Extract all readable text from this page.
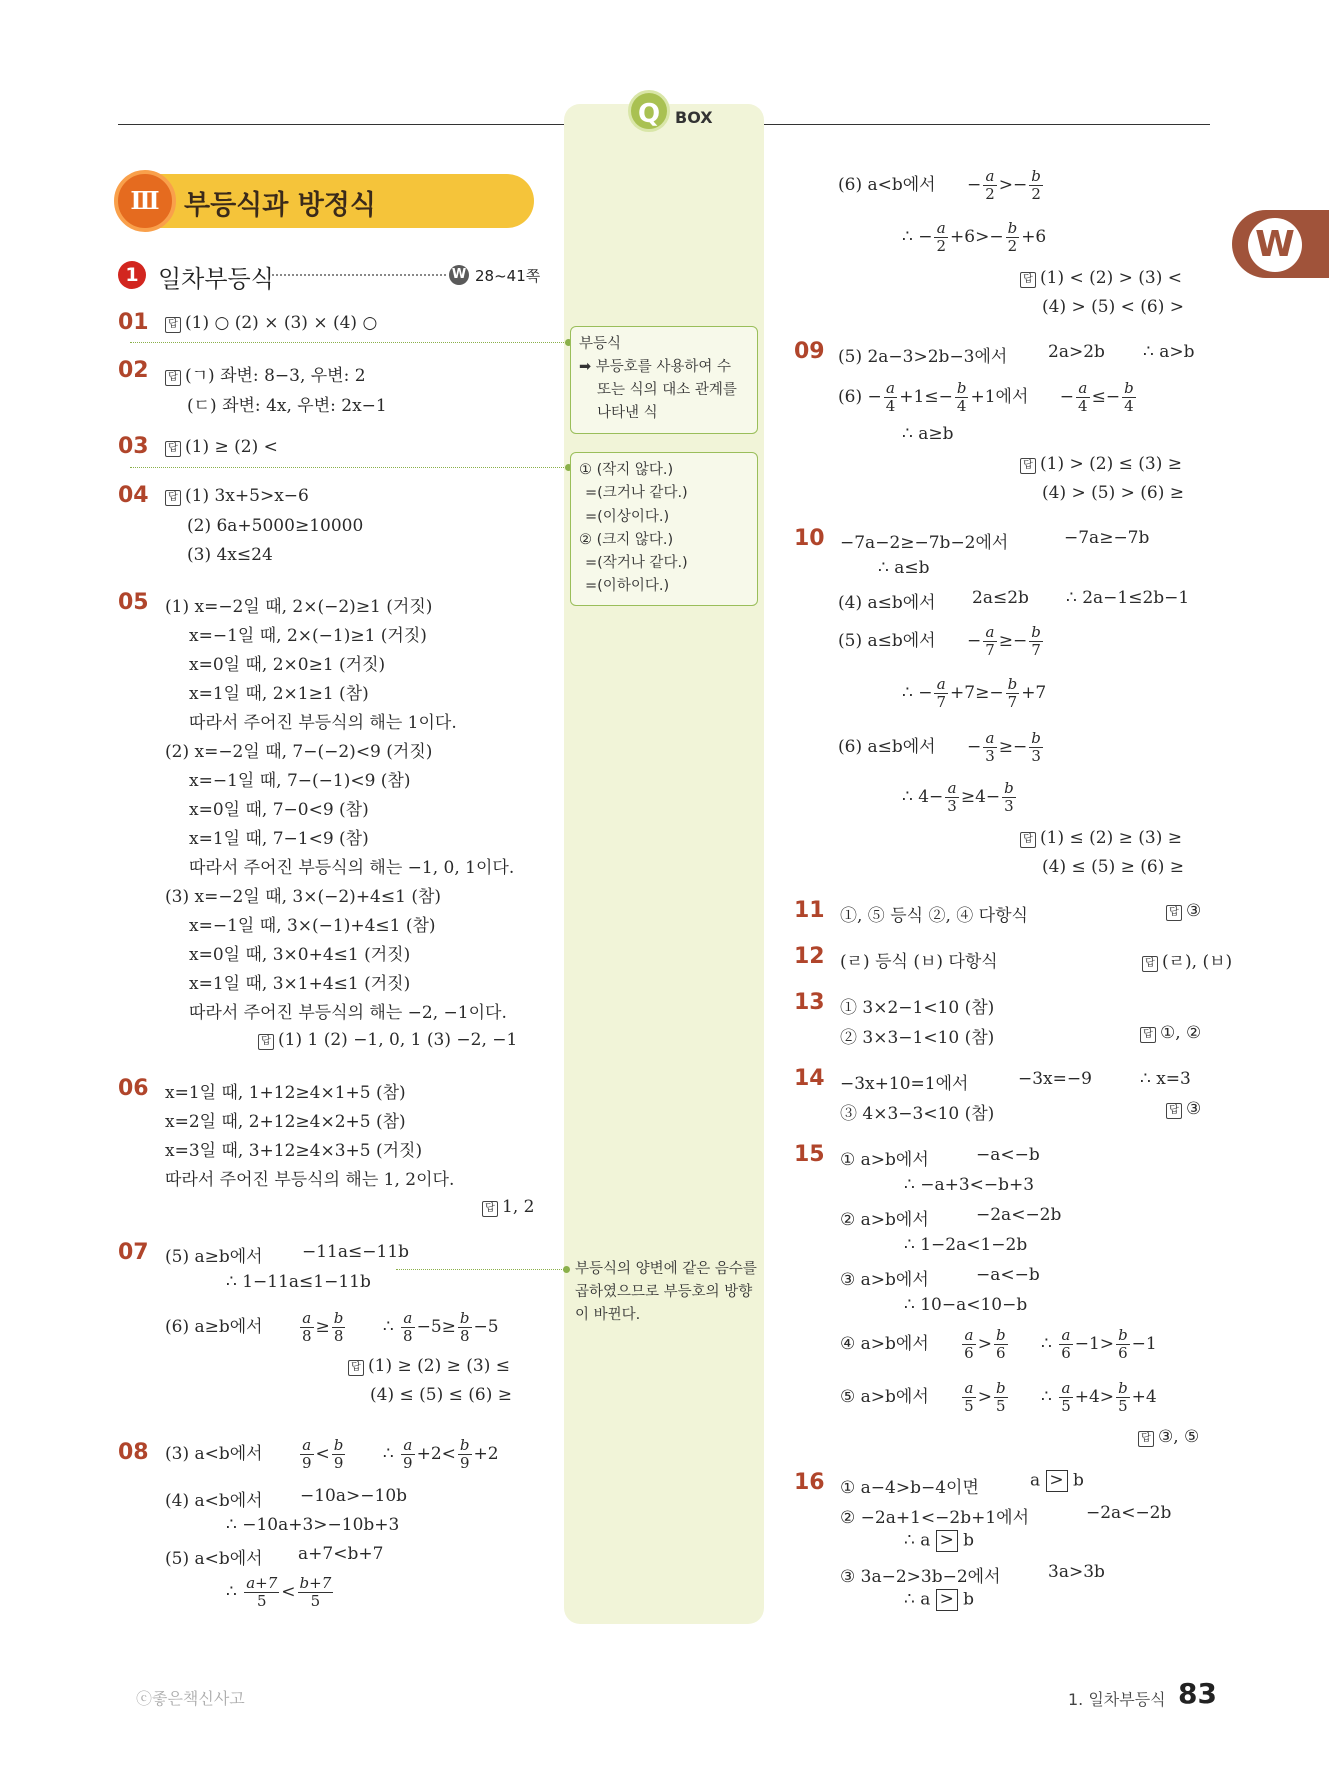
Q BOX
W
Ⅲ 부등식과 방정식
1 일차부등식	W 28~41쪽
01	답 (1) ○ (2) × (3) × (4) ○
02	답 (ㄱ) 좌변: 8−3, 우변: 2
(ㄷ) 좌변: 4x, 우변: 2x−1
03	답 (1) ≥ (2) <
04	답 (1) 3x+5>x−6
(2) 6a+5000≥10000
(3) 4x≤24
05 (1) x=−2일 때, 2×(−2)≥1 (거짓)
x=−1일 때, 2×(−1)≥1 (거짓)
x=0일 때, 2×0≥1 (거짓)
x=1일 때, 2×1≥1 (참)
따라서 주어진 부등식의 해는 1이다.
(2) x=−2일 때, 7−(−2)<9 (거짓)
x=−1일 때, 7−(−1)<9 (참)
x=0일 때, 7−0<9 (참)
x=1일 때, 7−1<9 (참)
따라서 주어진 부등식의 해는 −1, 0, 1이다.
(3) x=−2일 때, 3×(−2)+4≤1 (참)
x=−1일 때, 3×(−1)+4≤1 (참)
x=0일 때, 3×0+4≤1 (거짓)
x=1일 때, 3×1+4≤1 (거짓)
따라서 주어진 부등식의 해는 −2, −1이다.
답 (1) 1 (2) −1, 0, 1 (3) −2, −1
06 x=1일 때, 1+12≥4×1+5 (참)
x=2일 때, 2+12≥4×2+5 (참)
x=3일 때, 3+12≥4×3+5 (거짓)
따라서 주어진 부등식의 해는 1, 2이다.
답 1, 2
07 (5) a≥b에서 −11a≤−11b
∴ 1−11a≤1−11b
(6) a≥b에서 $\frac{a}{8} \ge \frac{b}{8}$ ∴ $\frac{a}{8} -5\ge \frac{b}{8} -5$
답 (1) ≥ (2) ≥ (3) ≤
(4) ≤ (5) ≤ (6) ≥
08 (3) a<b에서 $\frac{a}{9} < \frac{b}{9}$ ∴ $\frac{a}{9} +2< \frac{b}{9} +2$
(4) a<b에서 −10a>−10b
∴ −10a+3>−10b+3
(5) a<b에서 a+7<b+7
∴ $\frac{a+7}{5} < \frac{b+7}{5}$
부등식
➡ 부등호를 사용하여 수
또는 식의 대소 관계를
나타낸 식
① (작지 않다.)
=(크거나 같다.)
=(이상이다.)
② (크지 않다.)
=(작거나 같다.)
=(이하이다.)
부등식의 양변에 같은 음수를 곱하였으므로 부등호의 방향이 바뀐다.
(6) a<b에서 − $\frac{a}{2} >- \frac{b}{2}$
∴ − $\frac{a}{2} +6>- \frac{b}{2} +6$
답 (1) < (2) > (3) <
(4) > (5) < (6) >
09 (5) 2a−3>2b−3에서 2a>2b ∴ a>b
$(6) - \frac{a}{4} +1\le- \frac{b}{4} +1$에서 − $\frac{a}{4} \le- \frac{b}{4}$
∴ a≥b
답 (1) > (2) ≤ (3) ≥
(4) > (5) > (6) ≥
10 −7a−2≥−7b−2에서	−7a≥−7b
∴ a≤b
(4) a≤b에서 2a≤2b ∴ 2a−1≤2b−1
(5) a≤b에서 − $\frac{a}{7} \ge- \frac{b}{7}$
∴ − $\frac{a}{7} +7\ge- \frac{b}{7} +7$
(6) a≤b에서 − $\frac{a}{3} \ge- \frac{b}{3}$
∴ $4- \frac{a}{3} \ge 4- \frac{b}{3}$
답 (1) ≤ (2) ≥ (3) ≥
(4) ≤ (5) ≥ (6) ≥
11 ①, ⑤ 등식 ②, ④ 다항식	답 ③
12 (ㄹ) 등식 (ㅂ) 다항식	답 (ㄹ), (ㅂ)
13 ① 3×2−1<10 (참)
② 3×3−1<10 (참)	답 ①, ②
14 −3x+10=1에서	−3x=−9	∴ x=3
③ 4×3−3<10 (참)	답 ③
15 ① a>b에서	−a<−b
∴ −a+3<−b+3
② a>b에서	−2a<−2b
∴ 1−2a<1−2b
③ a>b에서	−a<−b
∴ 10−a<10−b
④ a>b에서 $\frac{a}{6} > \frac{b}{6}$ ∴ $\frac{a}{6} -1> \frac{b}{6} -1$
⑤ a>b에서 $\frac{a}{5} > \frac{b}{5}$ ∴ $\frac{a}{5} +4> \frac{b}{5} +4$
답 ③, ⑤
16 ① a−4>b−4이면	a > b
② −2a+1<−2b+1에서	−2a<−2b
∴ a > b
③ 3a−2>3b−2에서	3a>3b
∴ a > b
ⓒ좋은책신사고	1. 일차부등식 83
